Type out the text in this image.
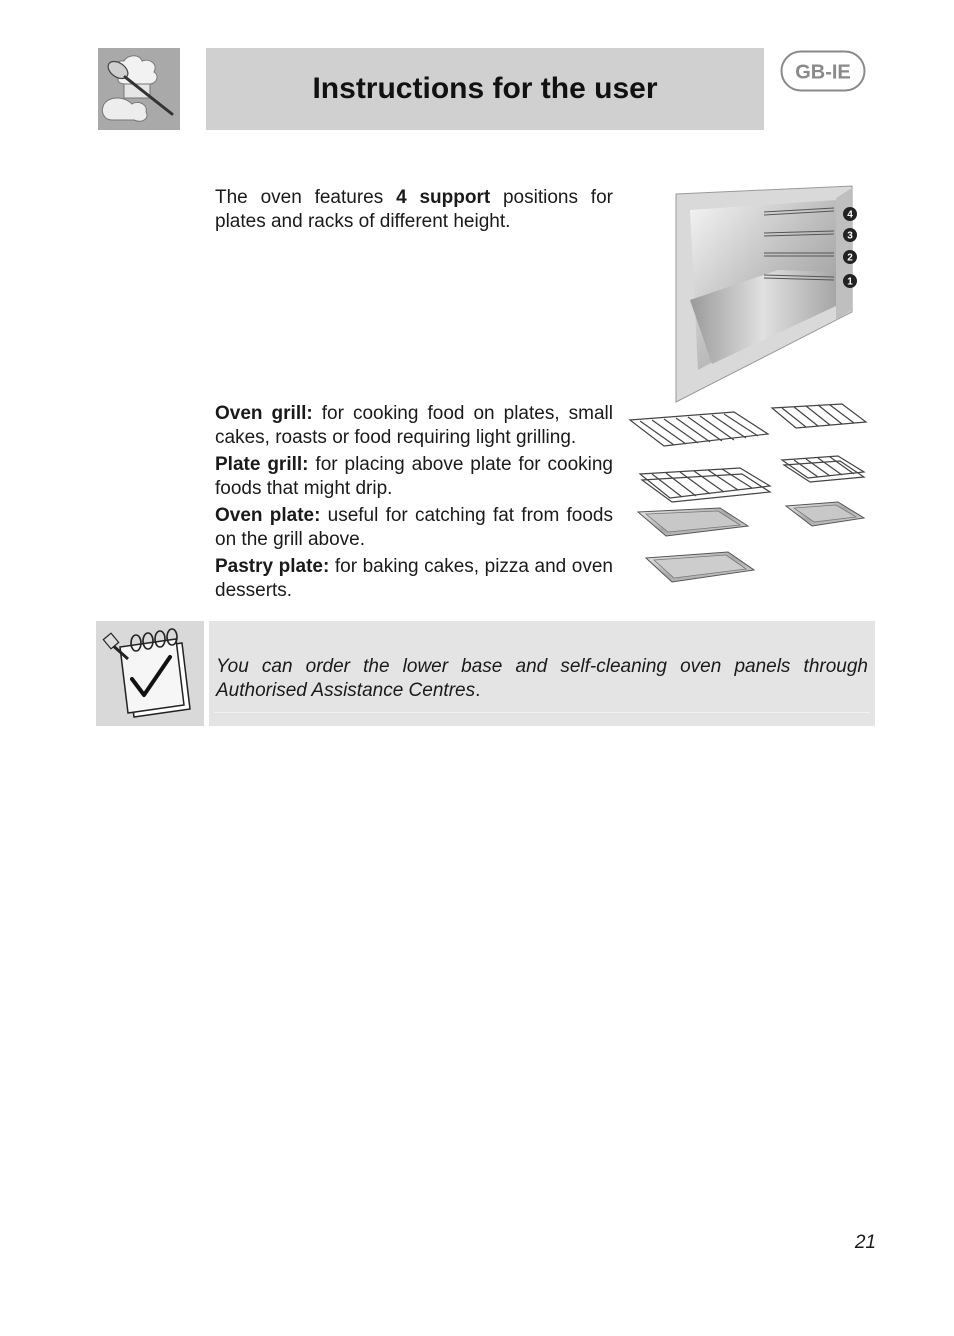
Instructions for the user	GB-IE

The oven features 4 support positions for plates and racks of different height.	4
3
2
1

Oven grill: for cooking food on plates, small cakes, roasts or food requiring light grilling.

Plate grill: for placing above plate for cooking foods that might drip.

Oven plate: useful for catching fat from foods on the grill above.

Pastry plate: for baking cakes, pizza and oven desserts.

You can order the lower base and self-cleaning oven panels through Authorised Assistance Centres.

21
